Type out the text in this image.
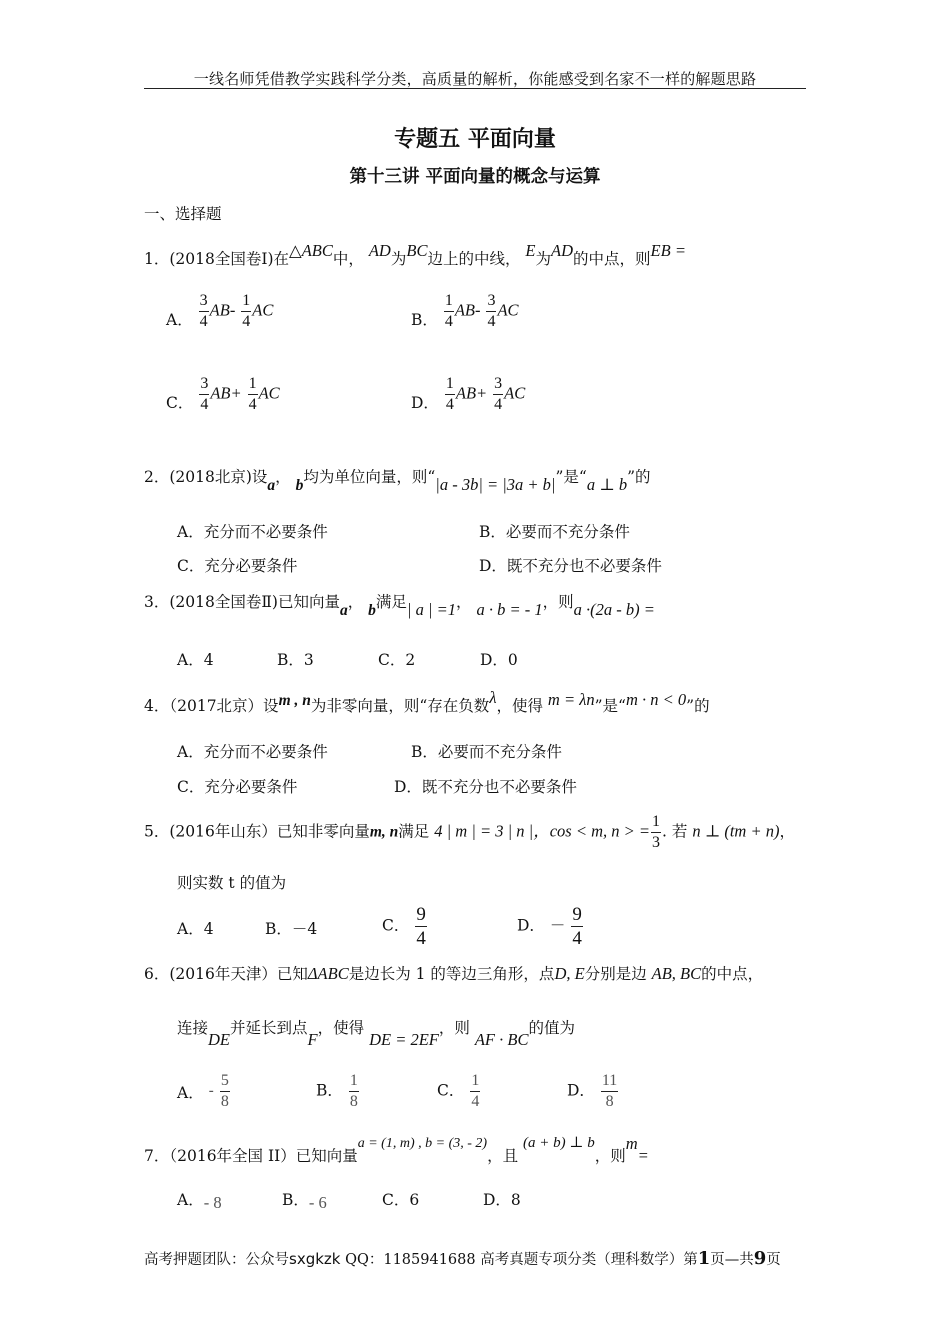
一线名师凭借教学实践科学分类，高质量的解析，你能感受到名家不一样的解题思路
专题五 平面向量
第十三讲 平面向量的概念与运算
一、选择题
1．(2018全国卷Ⅰ)在△ABC中， AD为BC边上的中线， E为AD的中点，则EB =
A． $\frac{3}{4} AB- \frac{1}{4}$ AC	B． $\frac{1}{4} AB- \frac{3}{4}$ AC
C． $\frac{3}{4} AB+ \frac{1}{4}$ AC	D． $\frac{1}{4} AB+ \frac{3}{4}$ AC
2．(2018北京)设a， b均为单位向量，则“|a - 3b| = |3a + b|”是“a ⊥ b”的
A．充分而不必要条件	B．必要而不充分条件
C．充分必要条件	D．既不充分也不必要条件
3．(2018全国卷Ⅱ)已知向量a， b满足| a | =1， a · b = - 1，则a ·(2a - b) =
A．4	B．3	C．2	D．0
4．（2017北京）设m , n为非零向量，则“存在负数λ，使得 m = λn”是“m · n < 0”的
A．充分而不必要条件	B．必要而不充分条件
C．充分必要条件	D．既不充分也不必要条件
5．(2016年山东）已知非零向量m, n满足 4 | m | = 3 | n |，cos < m, n > = $\frac{1}{3}$ . 若 n ⊥ (tm + n)，
则实数 t 的值为
A．4	B．－4	C． $\frac{9}{4}$	D． － $\frac{9}{4}$
6．(2016年天津）已知ΔABC是边长为 1 的等边三角形，点D, E分别是边 AB, BC的中点，
连接DE并延长到点F，使得 DE = 2EF，则 AF · BC的值为
A． - $\frac{5}{8}$	B． $\frac{1}{8}$	C． $\frac{1}{4}$	D． $\frac{11}{8}$
7．（2016年全国 II）已知向量a = (1, m) , b = (3, - 2)，且 (a + b) ⊥ b，则m=
A．- 8	B．- 6	C．6	D．8
高考押题团队：公众号sxgkzk QQ：1185941688 高考真题专项分类（理科数学）第1页—共9页
